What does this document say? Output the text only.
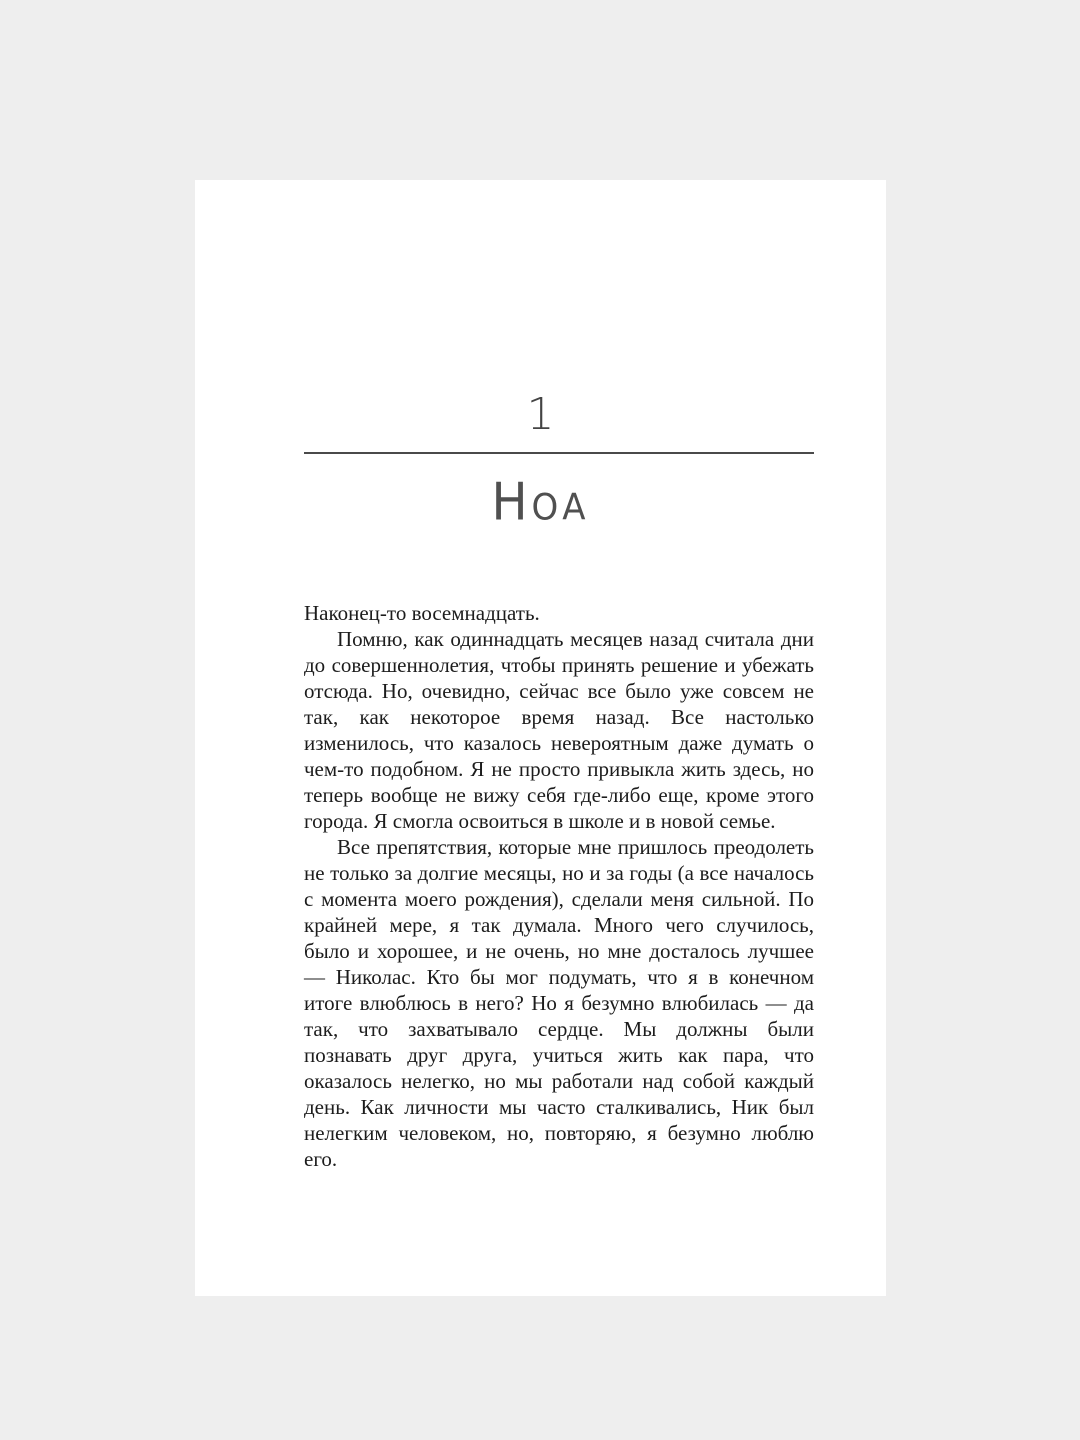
1
Ноа

Наконец-то восемнадцать.

Помню, как одиннадцать месяцев назад считала дни до совершеннолетия, чтобы принять решение и убежать отсюда. Но, очевидно, сейчас все было уже совсем не так, как некоторое время назад. Все настолько изменилось, что казалось невероятным даже думать о чем-то подобном. Я не просто привыкла жить здесь, но теперь вообще не вижу себя где-либо еще, кроме этого города. Я смогла освоиться в школе и в новой семье.

Все препятствия, которые мне пришлось преодолеть не только за долгие месяцы, но и за годы (а все началось с момента моего рождения), сделали меня сильной. По крайней мере, я так думала. Много чего случилось, было и хорошее, и не очень, но мне досталось лучшее — Николас. Кто бы мог подумать, что я в конечном итоге влюблюсь в него? Но я безумно влюбилась — да так, что захватывало сердце. Мы должны были познавать друг друга, учиться жить как пара, что оказалось нелегко, но мы работали над собой каждый день. Как личности мы часто сталкивались, Ник был нелегким человеком, но, повторяю, я безумно люблю его.
